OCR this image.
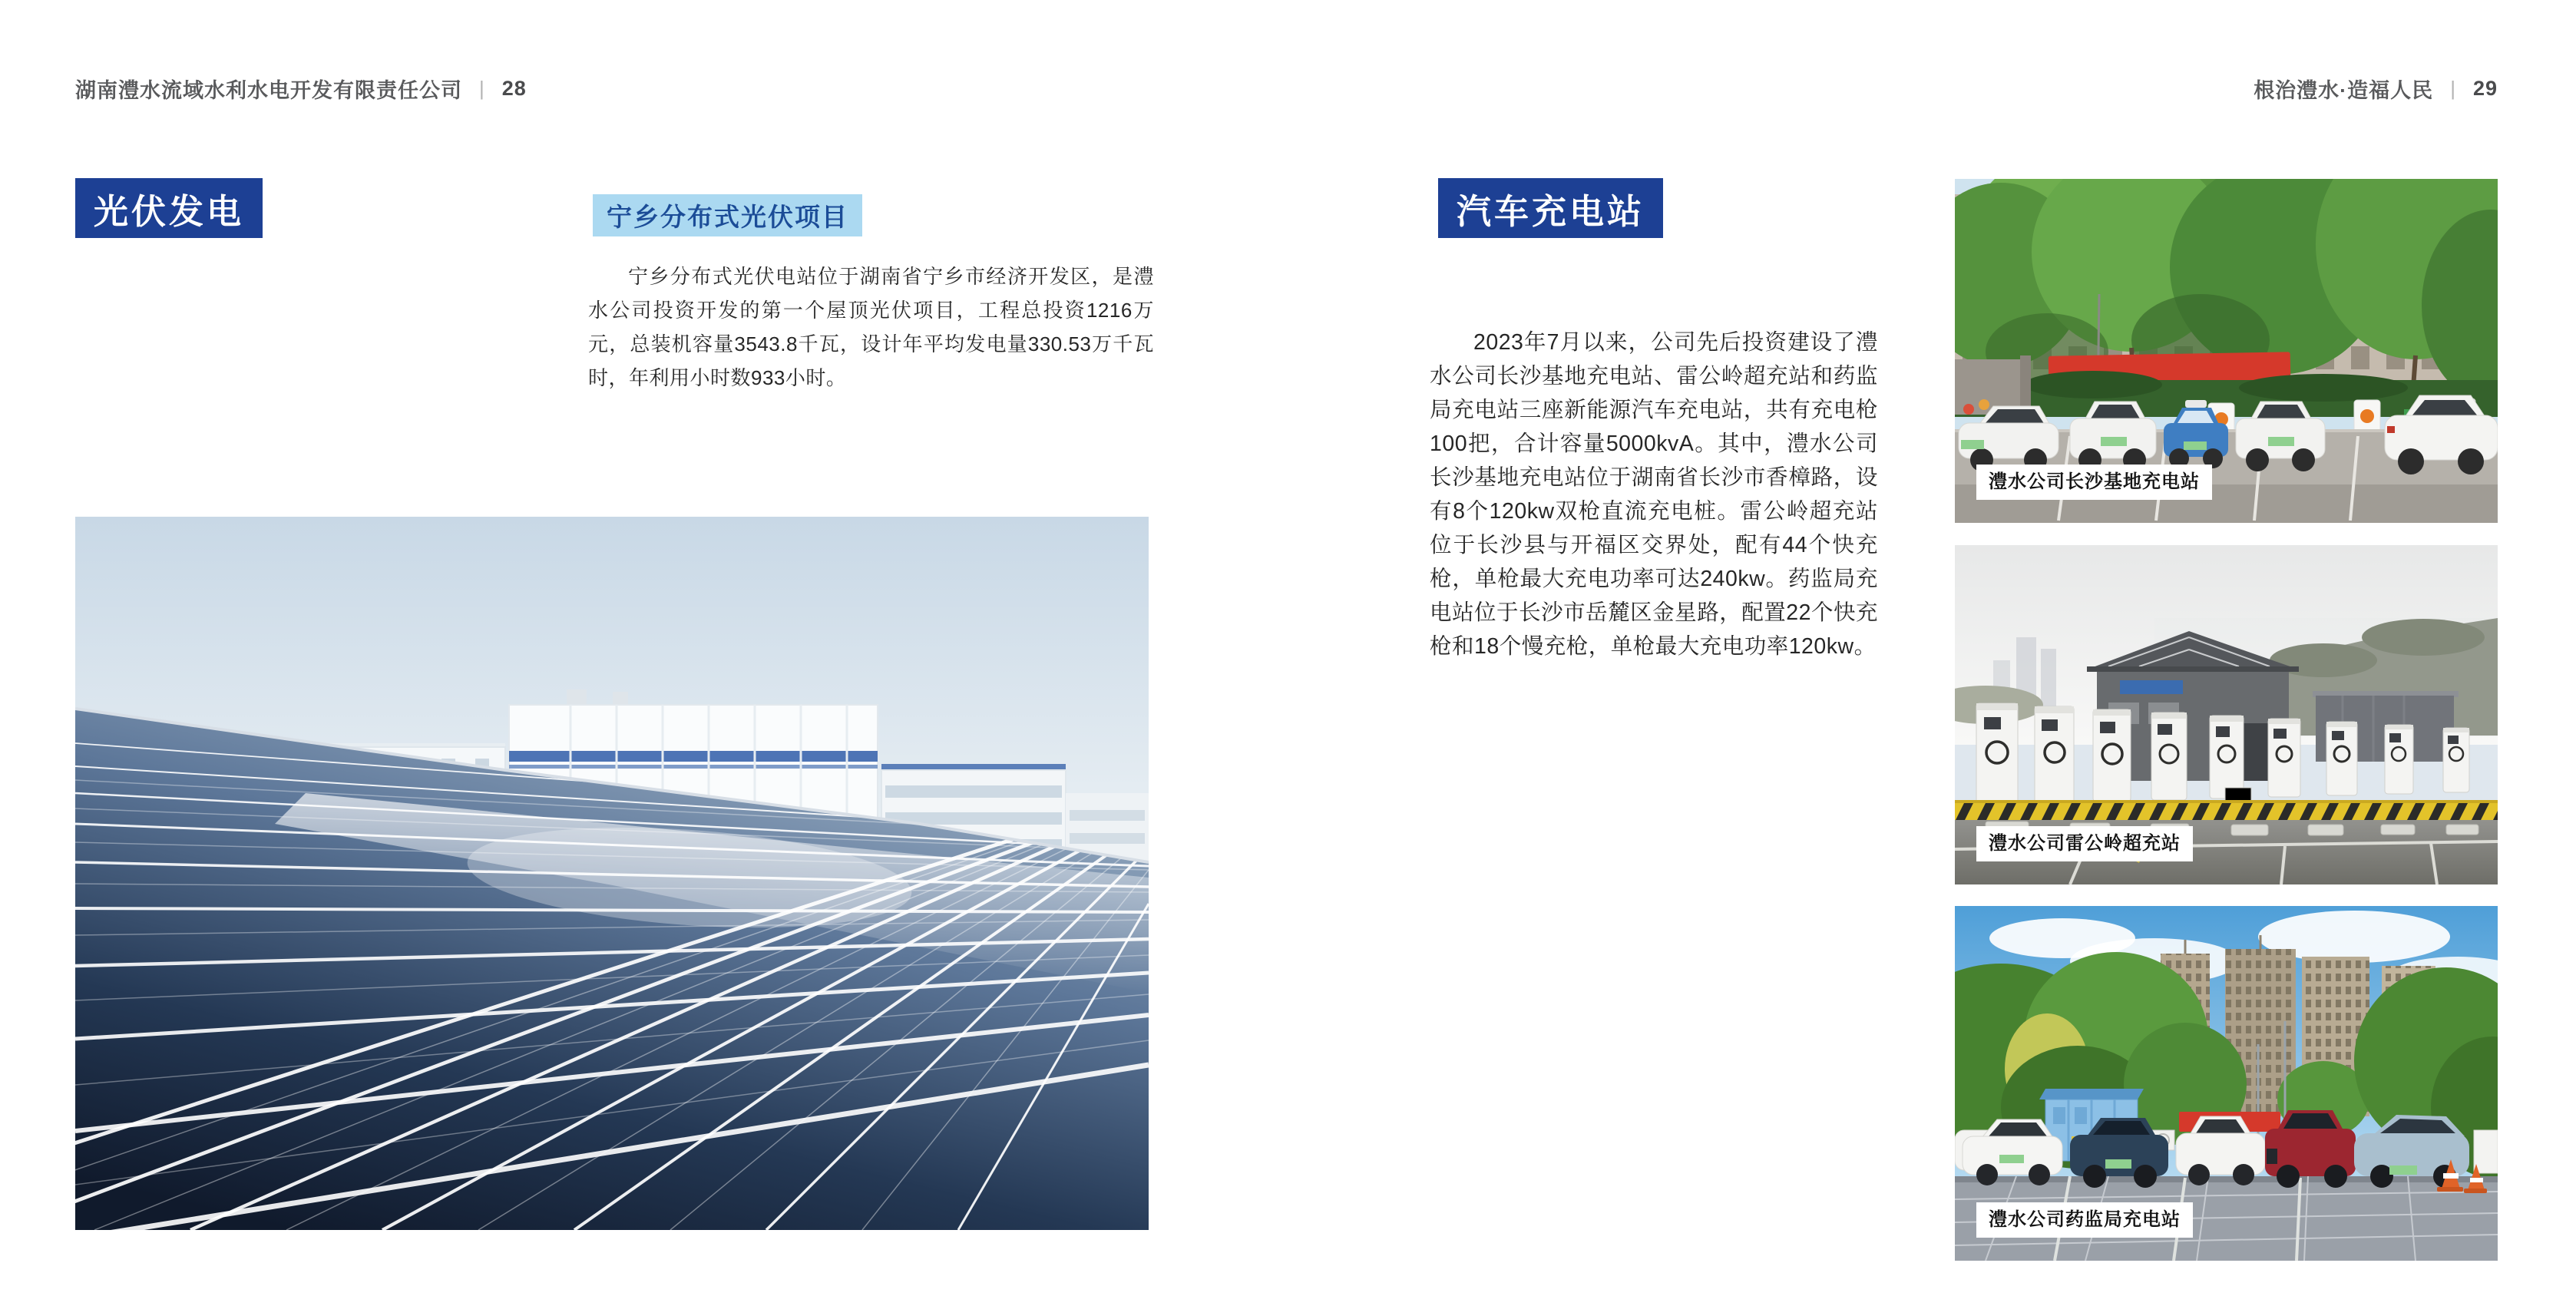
湖南澧水流域水利水电开发有限责任公司 | 28	根治澧水·造福人民 | 29
光伏发电	宁乡分布式光伏项目

宁乡分布式光伏电站位于湖南省宁乡市经济开发区，是澧水公司投资开发的第一个屋顶光伏项目，工程总投资1216万元，总装机容量3543.8千瓦，设计年平均发电量330.53万千瓦时，年利用小时数933小时。

汽车充电站

2023年7月以来，公司先后投资建设了澧水公司长沙基地充电站、雷公岭超充站和药监局充电站三座新能源汽车充电站，共有充电枪100把，合计容量5000kvA。其中，澧水公司长沙基地充电站位于湖南省长沙市香樟路，设有8个120kw双枪直流充电桩。雷公岭超充站位于长沙县与开福区交界处，配有44个快充枪，单枪最大充电功率可达240kw。药监局充电站位于长沙市岳麓区金星路，配置22个快充枪和18个慢充枪，单枪最大充电功率120kw。

澧水公司长沙基地充电站
澧水公司雷公岭超充站
澧水公司药监局充电站
